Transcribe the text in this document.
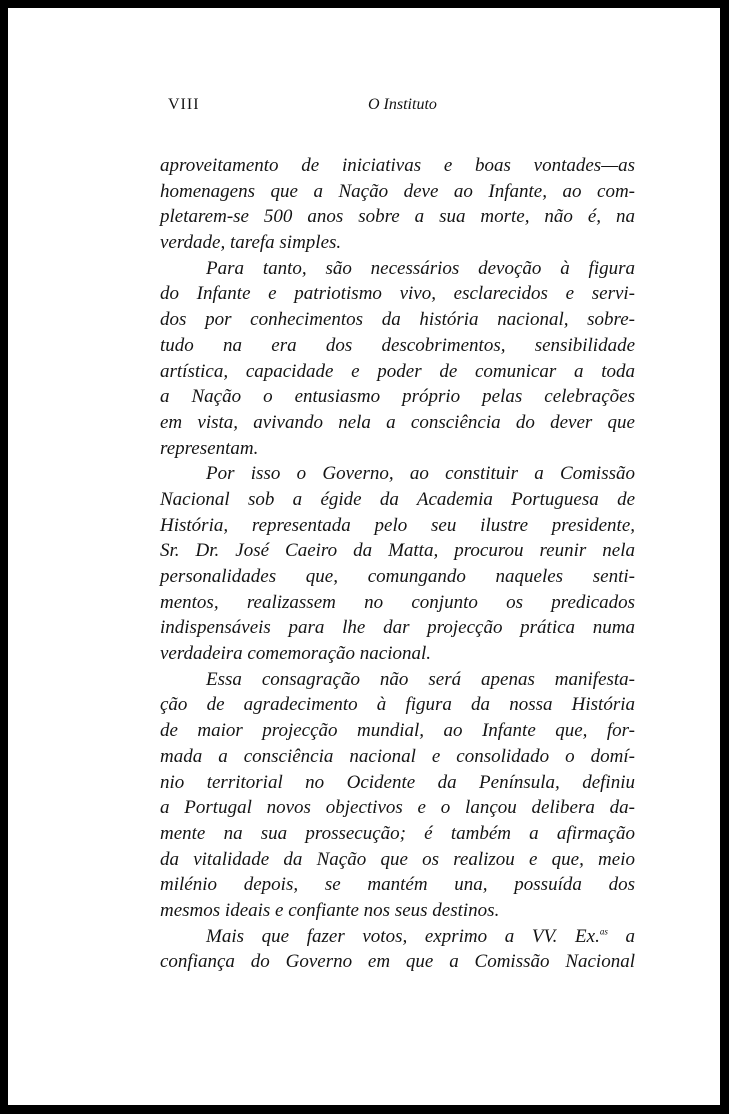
VIII	O Instituto
aproveitamento de iniciativas e boas vontades—as
homenagens que a Nação deve ao Infante, ao com-
pletarem-se 500 anos sobre a sua morte, não é, na
verdade, tarefa simples.
Para tanto, são necessários devoção à figura
do Infante e patriotismo vivo, esclarecidos e servi-
dos por conhecimentos da história nacional, sobre-
tudo na era dos descobrimentos, sensibilidade
artística, capacidade e poder de comunicar a toda
a Nação o entusiasmo próprio pelas celebrações
em vista, avivando nela a consciência do dever que
representam.
Por isso o Governo, ao constituir a Comissão
Nacional sob a égide da Academia Portuguesa de
História, representada pelo seu ilustre presidente,
Sr. Dr. José Caeiro da Matta, procurou reunir nela
personalidades que, comungando naqueles senti-
mentos, realizassem no conjunto os predicados
indispensáveis para lhe dar projecção prática numa
verdadeira comemoração nacional.
Essa consagração não será apenas manifesta-
ção de agradecimento à figura da nossa História
de maior projecção mundial, ao Infante que, for-
mada a consciência nacional e consolidado o domí-
nio territorial no Ocidente da Península, definiu
a Portugal novos objectivos e o lançou delibera da-
mente na sua prossecução; é também a afirmação
da vitalidade da Nação que os realizou e que, meio
milénio depois, se mantém una, possuída dos
mesmos ideais e confiante nos seus destinos.
Mais que fazer votos, exprimo a VV. Ex.$^{as}$ a
confiança do Governo em que a Comissão Nacional
